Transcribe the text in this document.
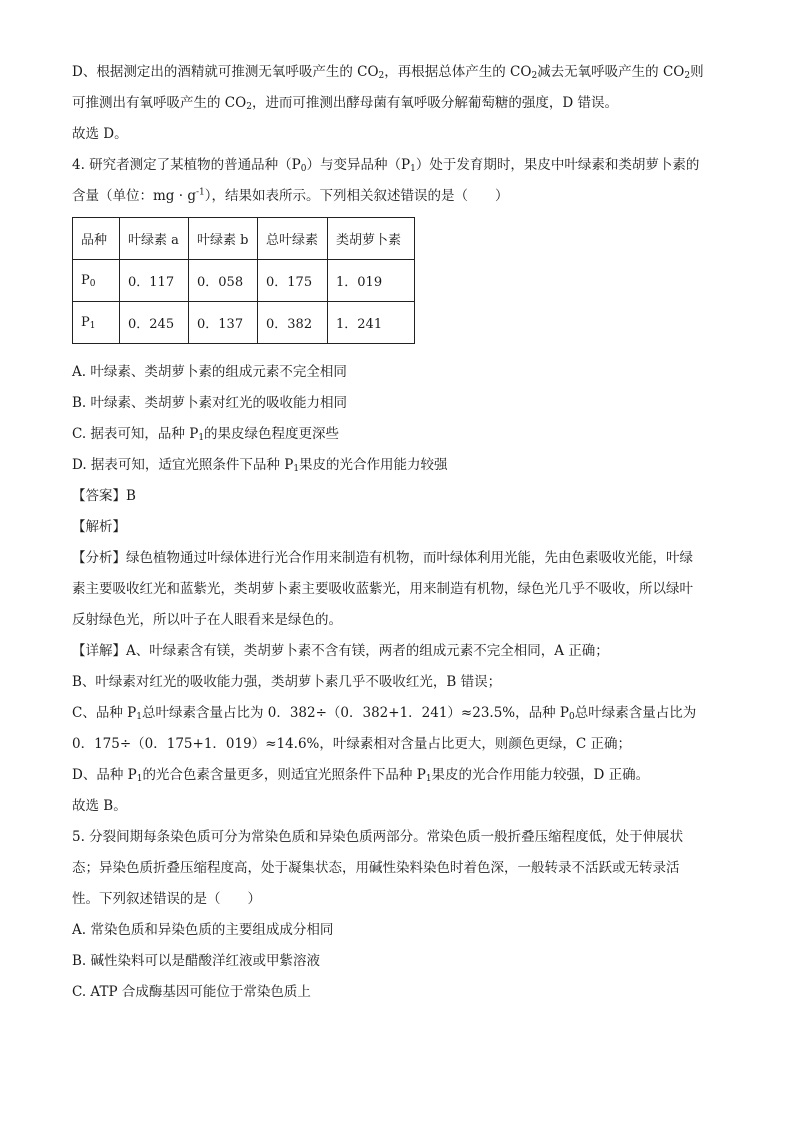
D、根据测定出的酒精就可推测无氧呼吸产生的 $CO_2$，再根据总体产生的 $CO_2$减去无氧呼吸产生的 $CO_2$则
可推测出有氧呼吸产生的 $CO_2$，进而可推测出酵母菌有氧呼吸分解葡萄糖的强度，D 错误。
故选 D。
4. 研究者测定了某植物的普通品种$(P_0)$与变异品种$(P_1)$处于发育期时，果皮中叶绿素和类胡萝卜素的
含量（单位：mg · $g^{-1}$），结果如表所示。下列相关叙述错误的是（　　）
品种	叶绿素 a	叶绿素 b	总叶绿素	类胡萝卜素
$P_0$	0．117	0．058	0．175	1．019
$P_1$	0．245	0．137	0．382	1．241
A. 叶绿素、类胡萝卜素的组成元素不完全相同
B. 叶绿素、类胡萝卜素对红光的吸收能力相同
C. 据表可知，品种 $P_1$的果皮绿色程度更深些
D. 据表可知，适宜光照条件下品种 $P_1$果皮的光合作用能力较强
【答案】B
【解析】
【分析】绿色植物通过叶绿体进行光合作用来制造有机物，而叶绿体利用光能，先由色素吸收光能，叶绿
素主要吸收红光和蓝紫光，类胡萝卜素主要吸收蓝紫光，用来制造有机物，绿色光几乎不吸收，所以绿叶
反射绿色光，所以叶子在人眼看来是绿色的。
【详解】A、叶绿素含有镁，类胡萝卜素不含有镁，两者的组成元素不完全相同，A 正确；
B、叶绿素对红光的吸收能力强，类胡萝卜素几乎不吸收红光，B 错误；
C、品种 $P_1$总叶绿素含量占比为 0．382÷（0．382+1．241）≈23.5%，品种 $P_0$总叶绿素含量占比为
0．175÷（0．175+1．019）≈14.6%，叶绿素相对含量占比更大，则颜色更绿，C 正确；
D、品种 $P_1$的光合色素含量更多，则适宜光照条件下品种 $P_1$果皮的光合作用能力较强，D 正确。
故选 B。
5. 分裂间期每条染色质可分为常染色质和异染色质两部分。常染色质一般折叠压缩程度低，处于伸展状
态；异染色质折叠压缩程度高，处于凝集状态，用碱性染料染色时着色深，一般转录不活跃或无转录活
性。下列叙述错误的是（　　）
A. 常染色质和异染色质的主要组成成分相同
B. 碱性染料可以是醋酸洋红液或甲紫溶液
C. ATP 合成酶基因可能位于常染色质上
